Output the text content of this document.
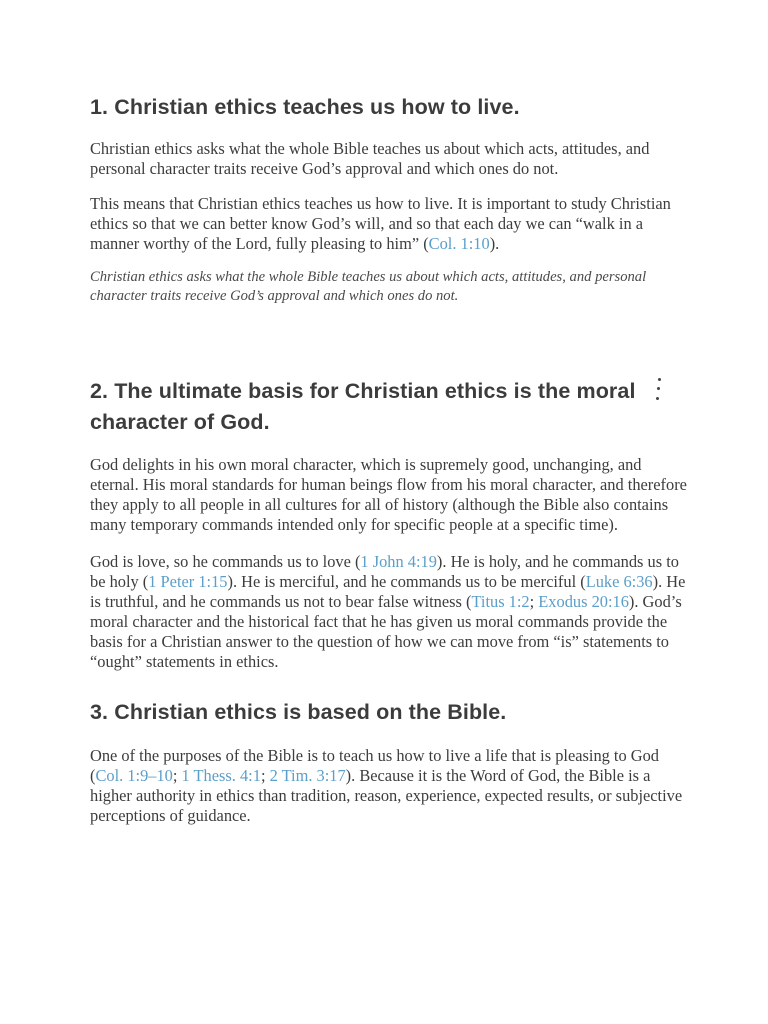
1. Christian ethics teaches us how to live.

Christian ethics asks what the whole Bible teaches us about which acts, attitudes, and personal character traits receive God’s approval and which ones do not.

This means that Christian ethics teaches us how to live. It is important to study Christian ethics so that we can better know God’s will, and so that each day we can “walk in a manner worthy of the Lord, fully pleasing to him” (Col. 1:10).

Christian ethics asks what the whole Bible teaches us about which acts, attitudes, and personal character traits receive God’s approval and which ones do not.

2. The ultimate basis for Christian ethics is the moral character of God.

God delights in his own moral character, which is supremely good, unchanging, and eternal. His moral standards for human beings flow from his moral character, and therefore they apply to all people in all cultures for all of history (although the Bible also contains many temporary commands intended only for specific people at a specific time).

God is love, so he commands us to love (1 John 4:19). He is holy, and he commands us to be holy (1 Peter 1:15). He is merciful, and he commands us to be merciful (Luke 6:36). He is truthful, and he commands us not to bear false witness (Titus 1:2; Exodus 20:16). God’s moral character and the historical fact that he has given us moral commands provide the basis for a Christian answer to the question of how we can move from “is” statements to “ought” statements in ethics.

3. Christian ethics is based on the Bible.

One of the purposes of the Bible is to teach us how to live a life that is pleasing to God (Col. 1:9–10; 1 Thess. 4:1; 2 Tim. 3:17). Because it is the Word of God, the Bible is a higher authority in ethics than tradition, reason, experience, expected results, or subjective perceptions of guidance.
